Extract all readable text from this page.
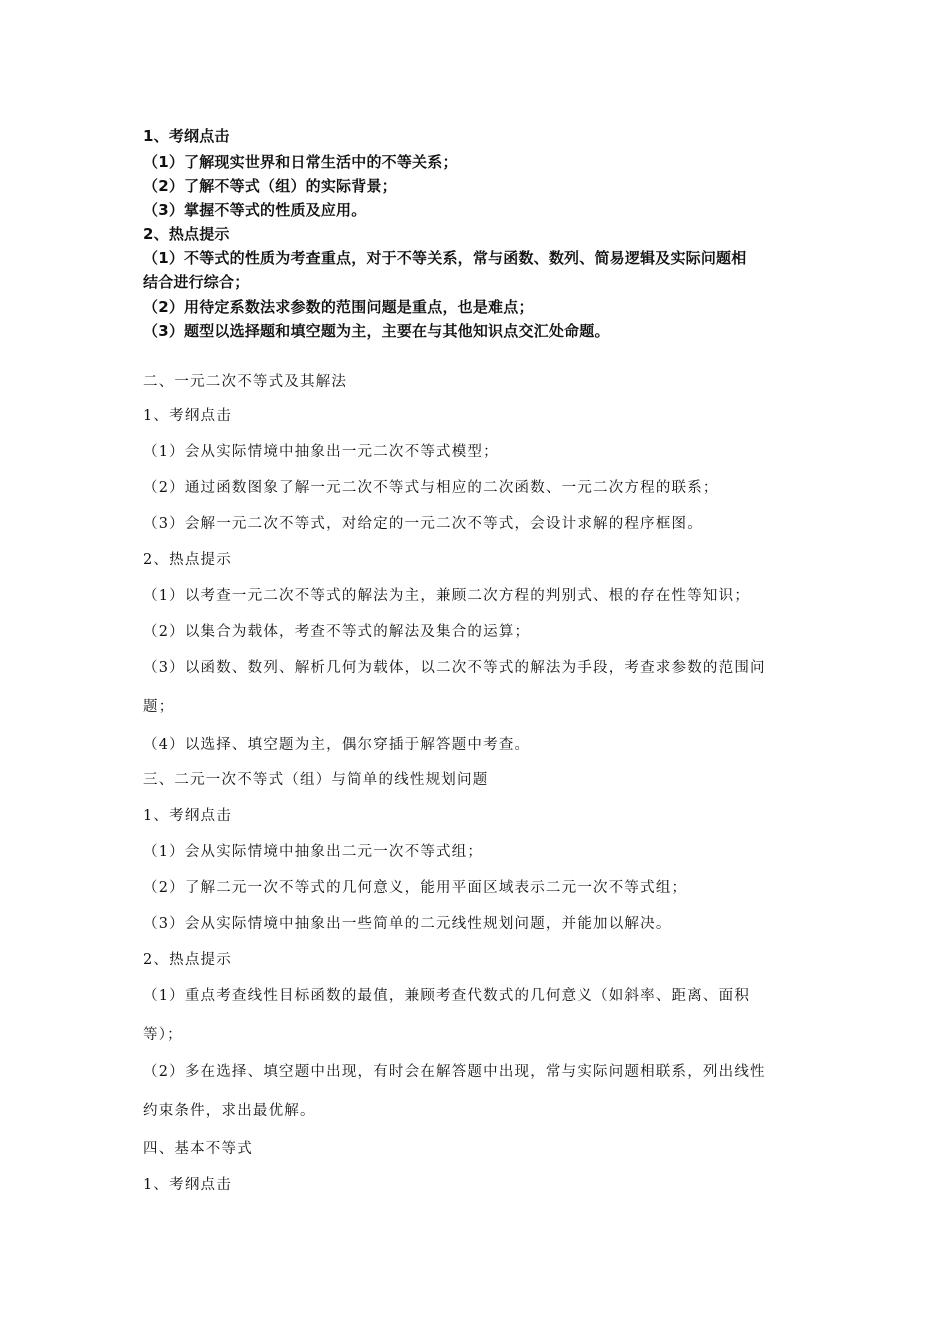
1、考纲点击
（1）了解现实世界和日常生活中的不等关系；
（2）了解不等式（组）的实际背景；
（3）掌握不等式的性质及应用。
2、热点提示
（1）不等式的性质为考查重点，对于不等关系，常与函数、数列、简易逻辑及实际问题相
结合进行综合；
（2）用待定系数法求参数的范围问题是重点，也是难点；
（3）题型以选择题和填空题为主，主要在与其他知识点交汇处命题。
二、一元二次不等式及其解法
1、考纲点击
（1）会从实际情境中抽象出一元二次不等式模型；
（2）通过函数图象了解一元二次不等式与相应的二次函数、一元二次方程的联系；
（3）会解一元二次不等式，对给定的一元二次不等式，会设计求解的程序框图。
2、热点提示
（1）以考查一元二次不等式的解法为主，兼顾二次方程的判别式、根的存在性等知识；
（2）以集合为载体，考查不等式的解法及集合的运算；
（3）以函数、数列、解析几何为载体，以二次不等式的解法为手段，考查求参数的范围问
题；
（4）以选择、填空题为主，偶尔穿插于解答题中考查。
三、二元一次不等式（组）与简单的线性规划问题
1、考纲点击
（1）会从实际情境中抽象出二元一次不等式组；
（2）了解二元一次不等式的几何意义，能用平面区域表示二元一次不等式组；
（3）会从实际情境中抽象出一些简单的二元线性规划问题，并能加以解决。
2、热点提示
（1）重点考查线性目标函数的最值，兼顾考查代数式的几何意义（如斜率、距离、面积
等）；
（2）多在选择、填空题中出现，有时会在解答题中出现，常与实际问题相联系，列出线性
约束条件，求出最优解。
四、基本不等式
1、考纲点击
